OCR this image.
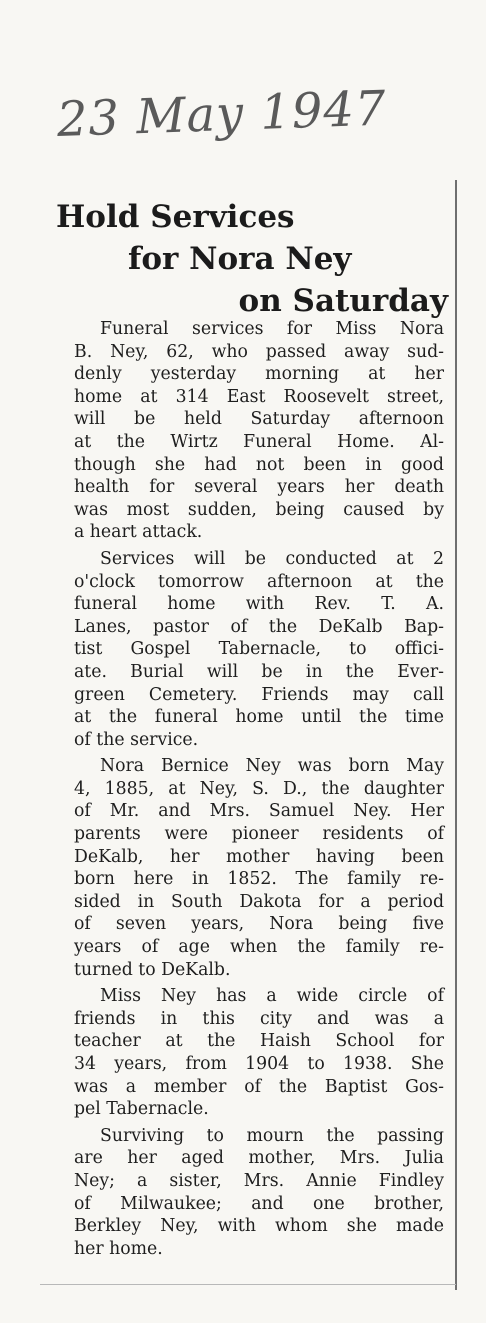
23 May 1947
Hold Services
for Nora Ney
on Saturday

Funeral services for Miss Nora
B. Ney, 62, who passed away sud-
denly yesterday morning at her
home at 314 East Roosevelt street,
will be held Saturday afternoon
at the Wirtz Funeral Home. Al-
though she had not been in good
health for several years her death
was most sudden, being caused by
a heart attack.

Services will be conducted at 2
o'clock tomorrow afternoon at the
funeral home with Rev. T. A.
Lanes, pastor of the DeKalb Bap-
tist Gospel Tabernacle, to offici-
ate. Burial will be in the Ever-
green Cemetery. Friends may call
at the funeral home until the time
of the service.

Nora Bernice Ney was born May
4, 1885, at Ney, S. D., the daughter
of Mr. and Mrs. Samuel Ney. Her
parents were pioneer residents of
DeKalb, her mother having been
born here in 1852. The family re-
sided in South Dakota for a period
of seven years, Nora being five
years of age when the family re-
turned to DeKalb.

Miss Ney has a wide circle of
friends in this city and was a
teacher at the Haish School for
34 years, from 1904 to 1938. She
was a member of the Baptist Gos-
pel Tabernacle.

Surviving to mourn the passing
are her aged mother, Mrs. Julia
Ney; a sister, Mrs. Annie Findley
of Milwaukee; and one brother,
Berkley Ney, with whom she made
her home.
